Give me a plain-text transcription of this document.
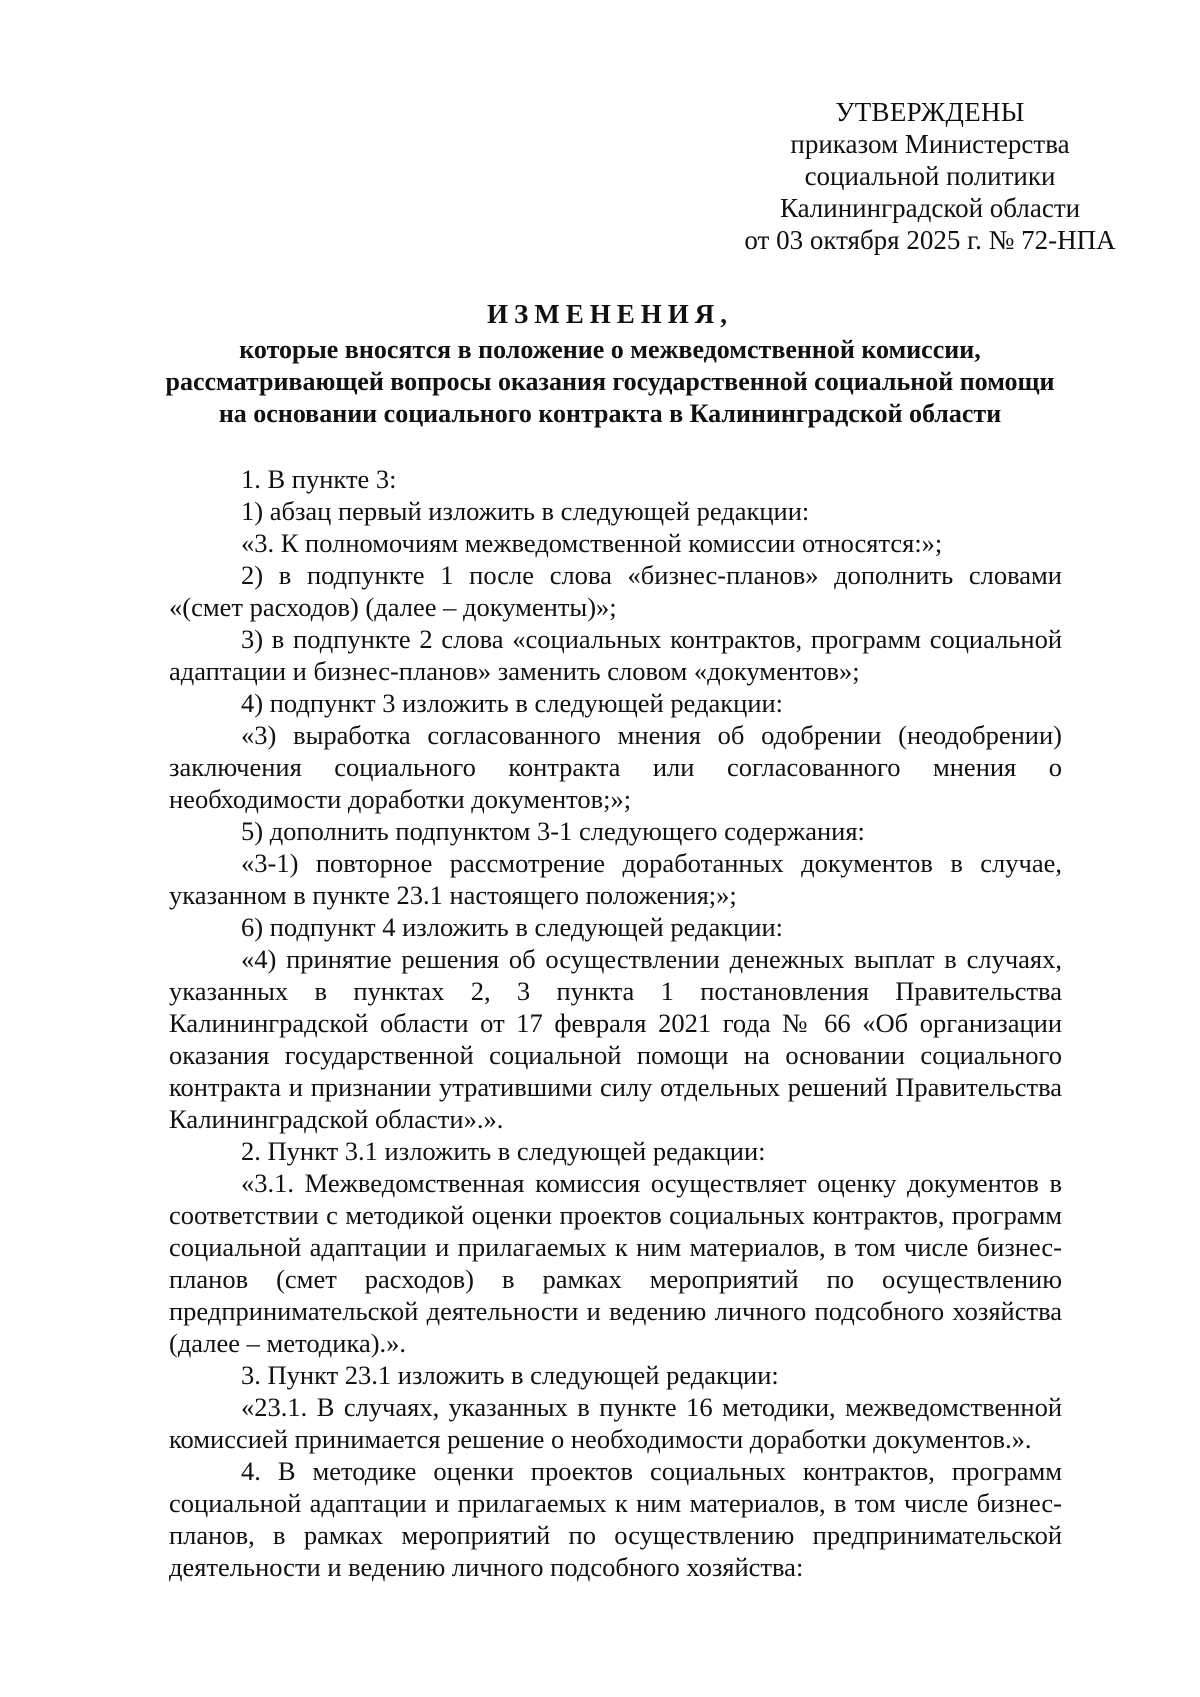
УТВЕРЖДЕНЫ
приказом Министерства
социальной политики
Калининградской области
от 03 октября 2025 г. № 72-НПА
ИЗМЕНЕНИЯ,
которые вносятся в положение о межведомственной комиссии,
рассматривающей вопросы оказания государственной социальной помощи
на основании социального контракта в Калининградской области

1. В пункте 3:

1) абзац первый изложить в следующей редакции:

«3. К полномочиям межведомственной комиссии относятся:»;

2) в подпункте 1 после слова «бизнес-планов» дополнить словами «(смет расходов) (далее – документы)»;

3) в подпункте 2 слова «социальных контрактов, программ социальной адаптации и бизнес-планов» заменить словом «документов»;

4) подпункт 3 изложить в следующей редакции:

«3) выработка согласованного мнения об одобрении (неодобрении) заключения социального контракта или согласованного мнения о необходимости доработки документов;»;

5) дополнить подпунктом 3-1 следующего содержания:

«3-1) повторное рассмотрение доработанных документов в случае, указанном в пункте 23.1 настоящего положения;»;

6) подпункт 4 изложить в следующей редакции:

«4) принятие решения об осуществлении денежных выплат в случаях, указанных в пунктах 2, 3 пункта 1 постановления Правительства Калининградской области от 17 февраля 2021 года № 66 «Об организации оказания государственной социальной помощи на основании социального контракта и признании утратившими силу отдельных решений Правительства Калининградской области».».

2. Пункт 3.1 изложить в следующей редакции:

«3.1. Межведомственная комиссия осуществляет оценку документов в соответствии с методикой оценки проектов социальных контрактов, программ социальной адаптации и прилагаемых к ним материалов, в том числе бизнес-планов (смет расходов) в рамках мероприятий по осуществлению предпринимательской деятельности и ведению личного подсобного хозяйства (далее – методика).».

3. Пункт 23.1 изложить в следующей редакции:

«23.1. В случаях, указанных в пункте 16 методики, межведомственной комиссией принимается решение о необходимости доработки документов.».

4. В методике оценки проектов социальных контрактов, программ социальной адаптации и прилагаемых к ним материалов, в том числе бизнес-планов, в рамках мероприятий по осуществлению предпринимательской деятельности и ведению личного подсобного хозяйства:
